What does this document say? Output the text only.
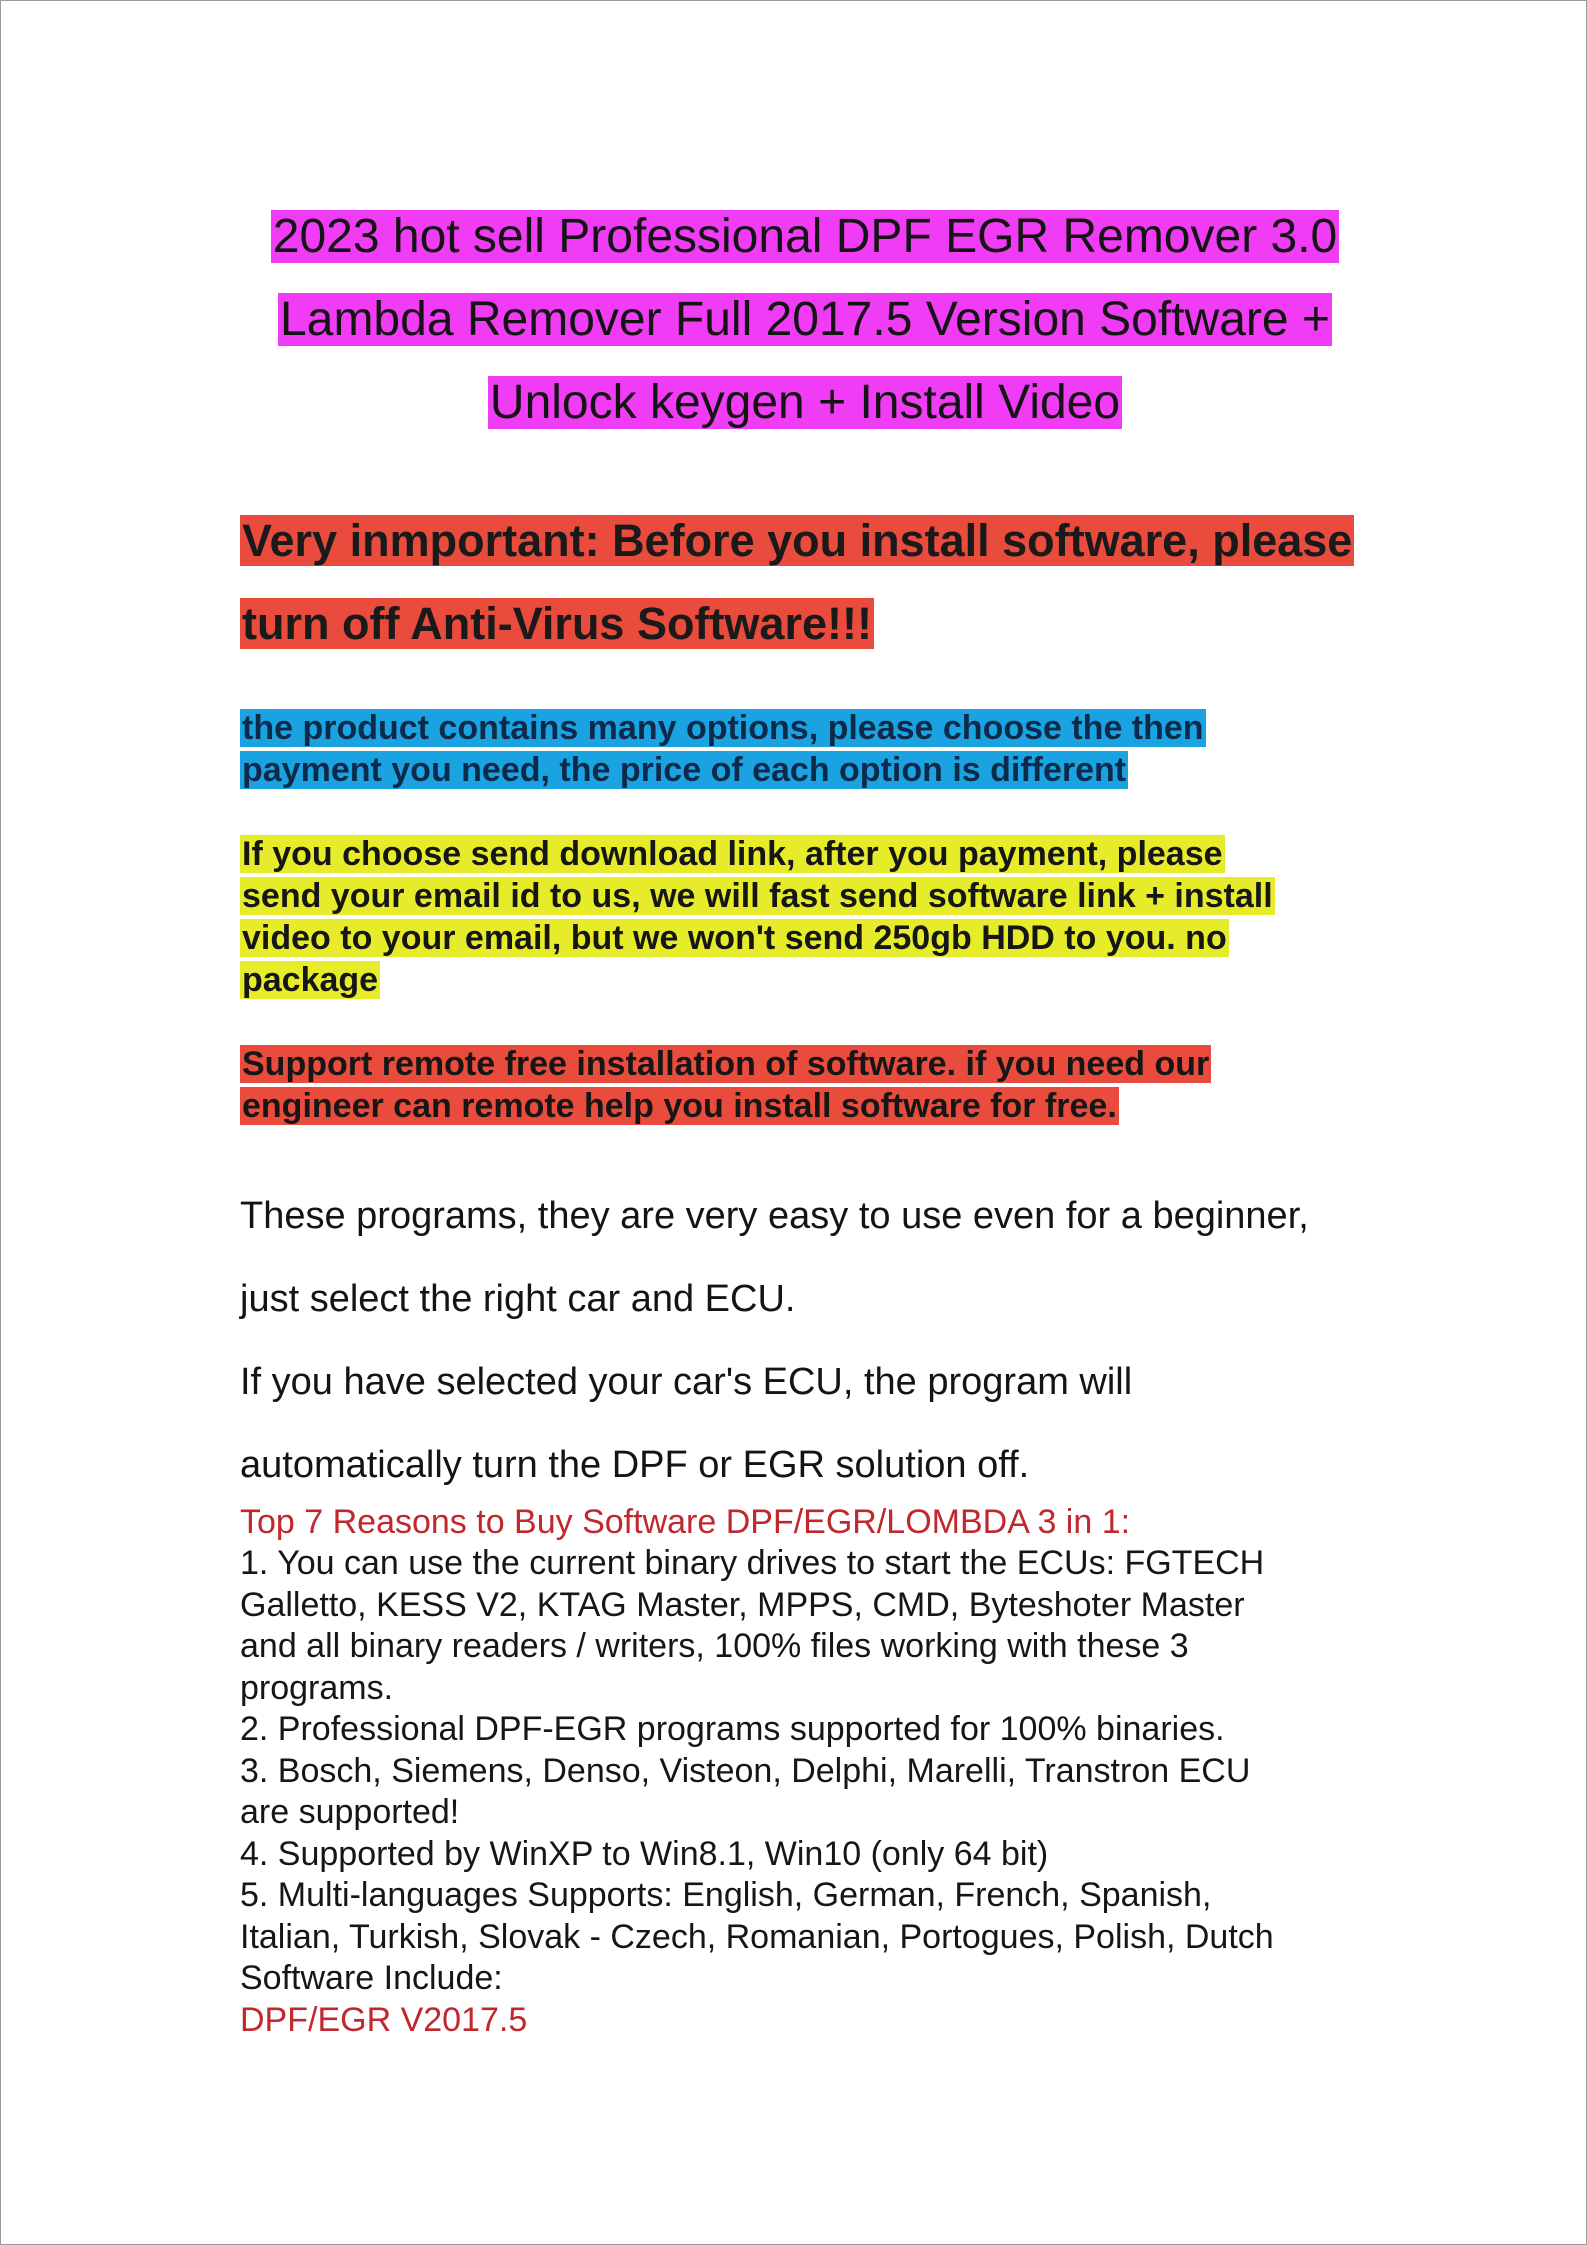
2023 hot sell Professional DPF EGR Remover 3.0
Lambda Remover Full 2017.5 Version Software +
Unlock keygen + Install Video
Very inmportant: Before you install software, please
turn off Anti-Virus Software!!!
the product contains many options, please choose the then
payment you need, the price of each option is different
If you choose send download link, after you payment, please
send your email id to us, we will fast send software link + install
video to your email, but we won't send 250gb HDD to you. no
package
Support remote free installation of software. if you need our
engineer can remote help you install software for free.
These programs, they are very easy to use even for a beginner,
just select the right car and ECU.
If you have selected your car's ECU, the program will
automatically turn the DPF or EGR solution off.
Top 7 Reasons to Buy Software DPF/EGR/LOMBDA 3 in 1:
1. You can use the current binary drives to start the ECUs: FGTECH
Galletto, KESS V2, KTAG Master, MPPS, CMD, Byteshoter Master
and all binary readers / writers, 100% files working with these 3
programs.
2. Professional DPF-EGR programs supported for 100% binaries.
3. Bosch, Siemens, Denso, Visteon, Delphi, Marelli, Transtron ECU
are supported!
4. Supported by WinXP to Win8.1, Win10 (only 64 bit)
5. Multi-languages Supports: English, German, French, Spanish,
Italian, Turkish, Slovak - Czech, Romanian, Portogues, Polish, Dutch
Software Include:
DPF/EGR V2017.5
